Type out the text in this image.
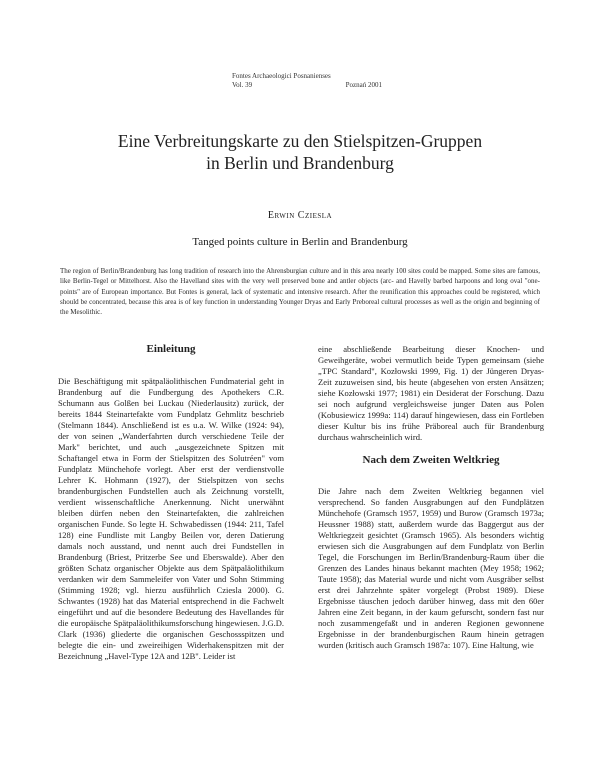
Fontes Archaeologici Posnanienses
Vol. 39	Poznań 2001
Eine Verbreitungskarte zu den Stielspitzen-Gruppen
in Berlin und Brandenburg
Erwin Cziesla
Tanged points culture in Berlin and Brandenburg
The region of Berlin/Brandenburg has long tradition of research into the Ahrensburgian culture and in this area nearly 100 sites could be mapped. Some sites are famous, like Berlin-Tegel or Mittelhorst. Also the Havelland sites with the very well preserved bone and antler objects (arc- and Havelly barbed harpoons and long oval "one-points" are of European importance. But Fontes is general, lack of systematic and intensive research. After the reunification this approaches could be registered, which should be concentrated, because this area is of key function in understanding Younger Dryas and Early Preboreal cultural processes as well as the origin and beginning of the Mesolithic.
Einleitung

Die Beschäftigung mit spätpaläolithischen Fundmaterial geht in Brandenburg auf die Fundbergung des Apothekers C.R. Schumann aus Golßen bei Luckau (Niederlausitz) zurück, der bereits 1844 Steinartefakte vom Fundplatz Gehmlitz beschrieb (Stelmann 1844). Anschließend ist es u.a. W. Wilke (1924: 94), der von seinen „Wanderfahrten durch verschiedene Teile der Mark" berichtet, und auch „ausgezeichnete Spitzen mit Schaftangel etwa in Form der Stielspitzen des Solutréen" vom Fundplatz Münchehofe vorlegt. Aber erst der verdienstvolle Lehrer K. Hohmann (1927), der Stielspitzen von sechs brandenburgischen Fundstellen auch als Zeichnung vorstellt, verdient wissenschaftliche Anerkennung. Nicht unerwähnt bleiben dürfen neben den Steinartefakten, die zahlreichen organischen Funde. So legte H. Schwabedissen (1944: 211, Tafel 128) eine Fundliste mit Langby Beilen vor, deren Datierung damals noch ausstand, und nennt auch drei Fundstellen in Brandenburg (Briest, Pritzerbe See und Eberswalde). Aber den größten Schatz organischer Objekte aus dem Spätpaläolithikum verdanken wir dem Sammeleifer von Vater und Sohn Stimming (Stimming 1928; vgl. hierzu ausführlich Cziesla 2000). G. Schwantes (1928) hat das Material entsprechend in die Fachwelt eingeführt und auf die besondere Bedeutung des Havellandes für die europäische Spätpaläolithikumsforschung hingewiesen. J.G.D. Clark (1936) gliederte die organischen Geschossspitzen und belegte die ein- und zweireihigen Widerhakenspitzen mit der Bezeichnung „Havel-Type 12A and 12B". Leider ist

eine abschließende Bearbeitung dieser Knochen- und Geweihgeräte, wobei vermutlich beide Typen gemeinsam (siehe „TPC Standard", Kozłowski 1999, Fig. 1) der Jüngeren Dryas-Zeit zuzuweisen sind, bis heute (abgesehen von ersten Ansätzen; siehe Kozłowski 1977; 1981) ein Desiderat der Forschung. Dazu sei noch aufgrund vergleichsweise junger Daten aus Polen (Kobusiewicz 1999a: 114) darauf hingewiesen, dass ein Fortleben dieser Kultur bis ins frühe Präboreal auch für Brandenburg durchaus wahrscheinlich wird.

Nach dem Zweiten Weltkrieg

Die Jahre nach dem Zweiten Weltkrieg begannen viel versprechend. So fanden Ausgrabungen auf den Fundplätzen Münchehofe (Gramsch 1957, 1959) und Burow (Gramsch 1973a; Heussner 1988) statt, außerdem wurde das Baggergut aus der Weltkriegzeit gesichtet (Gramsch 1965). Als besonders wichtig erwiesen sich die Ausgrabungen auf dem Fundplatz von Berlin Tegel, die Forschungen im Berlin/Brandenburg-Raum über die Grenzen des Landes hinaus bekannt machten (Mey 1958; 1962; Taute 1958); das Material wurde und nicht vom Ausgräber selbst erst drei Jahrzehnte später vorgelegt (Probst 1989). Diese Ergebnisse täuschen jedoch darüber hinweg, dass mit den 60er Jahren eine Zeit begann, in der kaum gefurscht, sondern fast nur noch zusammengefaßt und in anderen Regionen gewonnene Ergebnisse in der brandenburgischen Raum hinein getragen wurden (kritisch auch Gramsch 1987a: 107). Eine Haltung, wie
